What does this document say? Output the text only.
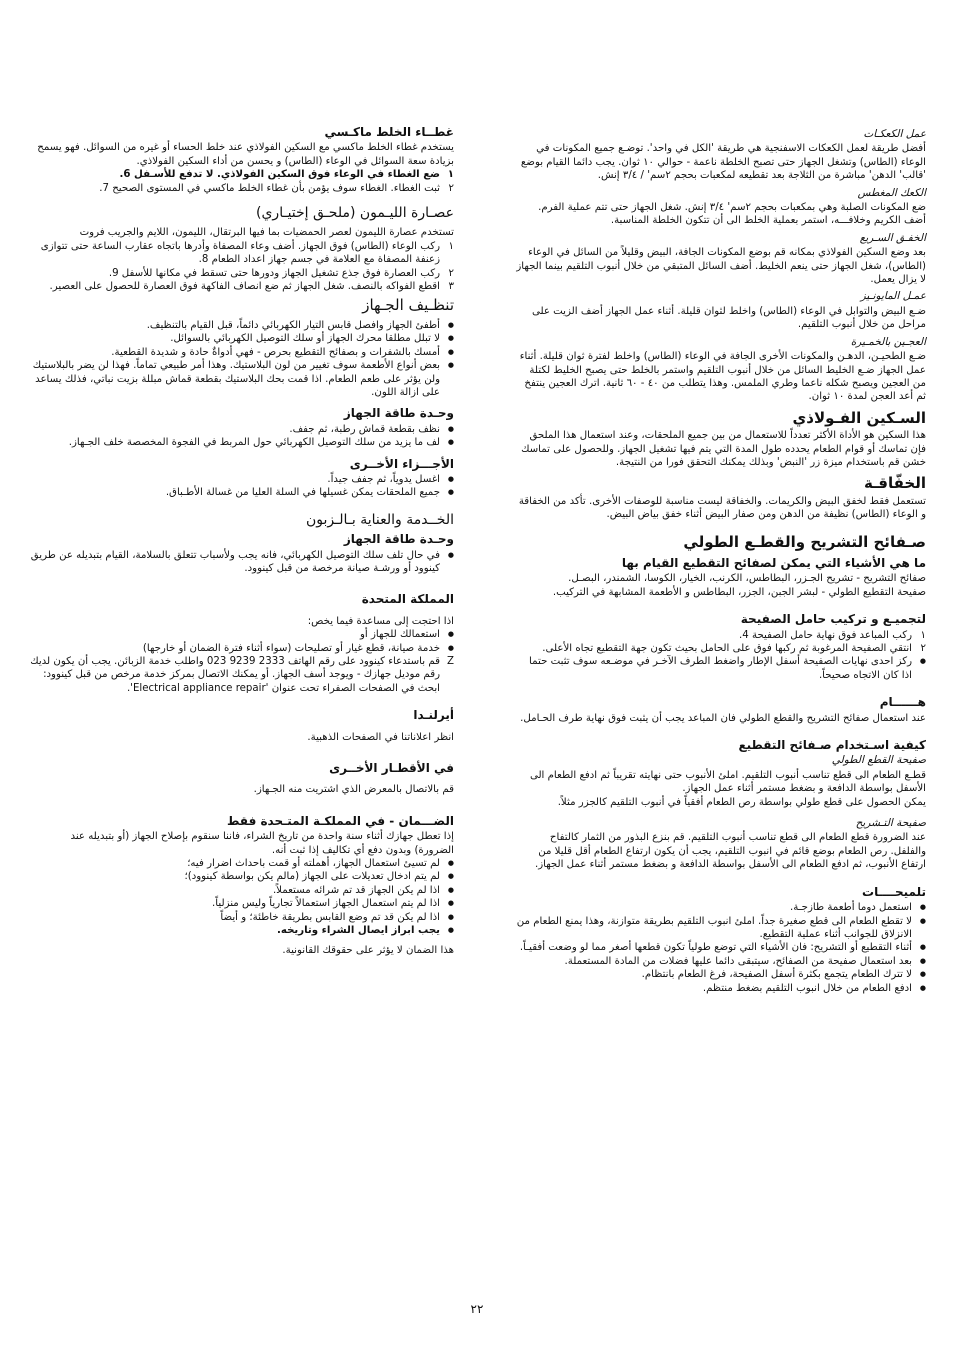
عمل الكعكـات

أفضل طريقة لعمل الكعكات الاسفنجية هي طريقة 'الكل في واحد'. توضـع جميع المكونات في الوعاء (الطاس) وتشغل الجهاز حتى تصبح الخلطة ناعمة - حوالي ١٠ ثوان. يجب دائما القيام بوضع 'قالب' الدهن' مباشرة من الثلاجة بعد تقطيعه لمكعبات بحجم ٢سم' / ٣/٤ إنش.

الكعك المغطس

ضع المكونات الصلبة وهي بمكعبات بحجم ٢سم' ٣/٤ إنش. شغل الجهاز حتى تتم عملية الفرم. أضف الكريم وخلافـــه، استمر بعملية الخلط الى أن تتكون الخلطة المناسبة.

الخفـق السـريع

بعد وضع السكين الفولاذي بمكانه قم بوضع المكونات الجافة، البيض وقليلاً من السائل في الوعاء (الطاس)، شغل الجهاز حتى ينعم الخليط. أضف السائل المتبقي من خلال أنبوب التلقيم بينما الجهاز لا يزال يعمل.

عمـل المايونـيز

ضـع البيض والتوابل في الوعاء (الطاس) واخلط لثوان قليلة. أثناء عمل الجهاز أضف الزيت على مراحل من خلال أنبوب التلقيم.

العجـين بالخمـيرة

ضـع الطحيـن، الدهـن والمكونات الأخرى الجافة في الوعاء (الطاس) واخلط لفترة ثوان قليلة. أثناء عمل الجهاز ضـع الخليط السائل من خلال أنبوب التلقيم واستمر بالخلط حتى يصبح الخليط لكتلة من العجين ويصبح شكله ناعما وطري الملمس. وهذا يتطلب من ٤٠ - ٦٠ ثانية. اترك العجين ينتفخ ثم أعد العجن لمدة ١٠ ثوان.

السـكين الفـولاذي

هذا السكين هو الأداة الأكثر تعدداً للاستعمال من بين جميع الملحقات، وعند استعمال هذا الملحق فإن تماسك أو قوام الطعام يحدده طول المدة التي يتم فيها تشغيل الجهاز. وللحصول على تماسك خشن قم باستخدام ميزة زر 'النبض' وبذلك يمكنك التحقق فورا من النتيجة.

الخفّاقـة

تستعمل فقط لخفق البيض والكريمات. والخفاقة ليست مناسبة للوصفات الأخرى. تأكد من الخفاقة و الوعاء (الطاس) نظيفة من الدهن ومن صفار البيض أثناء خفق بياض البيض.

صـفائح التشريح والقطـع الطولي
ما هي الأشياء التي يمكن لصفائح التقطيع القيام بها

صفائح التشريح - تشريح الجـزر، البطاطس، الكرنب، الخيار، الكوسا، الشمندر، البصـل.

صفيحة التقطيع الطولي - لبشر الجبن، الجزر، البطاطس و الأطعمة المشابهة في التركيب.

لتجميـع و تركيب حامل الصفيحة
١
ركب المباعد فوق نهاية حامل الصفيحة 4.
٢
انتقي الصفيحة المرغوبة ثم ركبها فوق على الحامل بحيث تكون جهة التقطيع تجاه الأعلى.
● ركز احدى نهايات الصفيحة أسفل الإطار واضغط الطرف الآخـر في موضـعه سوف تثبت حتما اذا كان الاتجاه صحيحاً.
هــــــام

عند استعمال صفائح التشريح والقطع الطولي فان المباعد يجب أن يثبت فوق نهاية طرف الحـامل.

كيفية اسـتخدام صـفائح التقطيع
صفيحة القطع الطولي

قطـع الطعام الى قطع تناسب أنبوب التلقيم. املئ الأنبوب حتى نهايته تقريباً ثم ادفع الطعام الى الأسفل بواسطة الدافعة و بضغط مستمر أثناء عمل الجهاز.

يمكن الحصول على قطع طولي بواسطة رص الطعام أفقياً في أنبوب التلقيم كالجزر مثلاً.

صفيحة التـشريح

عند الضرورة قطع الطعام الى قطع تناسب أنبوب التلقيم. قم بنزع البذور من الثمار كالتفاح والفلفل. رص الطعام بوضع قائم في انبوب التلقيم، يجب أن يكون ارتفاع الطعام أقل قليلا من ارتفاع الأنبوب، ثم ادفع الطعام الى الأسفل بواسطة الدافعة و بضغط مستمر أثناء عمل الجهاز.

تلميحــــات
● استعمل دوما أطعمة طازجـة.
● لا تقطع الطعام الى قطع صغيرة جداً. املئ انبوب التلقيم بطريقة متوازنة، وهذا يمنع الطعام من الانزلاق للجوانب أثناء عملية التقطيع.
● أثناء التقطيع أو التشريح: فان الأشياء التي توضع طولياً تكون قطعها أصغر مما لو وضعت أفقيـاً.
● بعد استعمال صفيحة من الصفائح، سيتبقى دائما عليها فضلات من المادة المستعملة.
● لا تترك الطعام يتجمع بكثرة أسفل الصفيحة، فرغ الطعام بانتظام.
● ادفع الطعام من خلال انبوب التلقيم بضغط منتظم.
غطــاء الخلط ماكـسي

يستخدم غطاء الخلط ماكسي مع السكين الفولاذي عند خلط الحساء أو غيره من السوائل. فهو يسمح بزيادة سعة السوائل في الوعاء (الطاس) و يحسن من أداء السكين الفولاذي.

١
ضع الغطاء في الوعاء فوق السكين الفولاذي. لا تدفع للأسـفل 6.
٢
ثبت الغطاء. الغطاء سوف يؤمن بأن غطاء الخلط ماكسي في المستوى الصحيح 7.
عصـارة الليـمون (ملحـق إختيـاري)

تستخدم عصارة الليمون لعصر الحمضيات بما فيها البرتقال، الليمون، اللايم والجريب فروت

١
ركب الوعاء (الطاس) فوق الجهاز. أضف وعاء المصفاة وأدرها باتجاه عقارب الساعة حتى تتوازى زعنفة المصفاة مع العلامة في جسم جهاز اعداد الطعام 8.
٢
ركب العصارة فوق جذع تشغيل الجهاز ودورها حتى تسقط في مكانها للأسفل 9.
٣
اقطع الفواكه بالنصف. شغل الجهاز ثم ضع انصاف الفاكهة فوق العصارة للحصول على العصير.
تنظـيف الجـهاز
● أطفئ الجهاز وافصل قابس التيار الكهربائي دائماً، قبل القيام بالتنظيف.
● لا تبلل مطلقا محرك الجهاز أو سلك التوصيل الكهربائي بالسوائل.
● أمسك بالشفرات و بصفائح التقطيع بحرص - فهي أدواةٌ حادة و شديدة القطعية.
● بعض أنواع الأطعمة سوف تغيير من لون البلاستيك. وهذا أمر طبيعي تماماً. فهذا لن يضر بالبلاستيك ولن يؤثر على طعم الطعام. اذا قمت بحك البلاستيك بقطعة قماش مبللة بزيت نباتي، فذلك يساعد على ازالة اللون.
وحـدة طاقة الجهاز
● نظف بقطعة قماش رطبة، ثم جفف.
● لف ما يزيد من سلك التوصيل الكهربائي حول المربط في الفجوة المخصصة خلف الجـهاز.
الأجـــزاء الأخــرى
● اغسل يدوياً، ثم جفف جيداً.
● جميع الملحقات يمكن غسيلها في السلة العليا من غسالة الأطـباق.
الخــدمة والعناية بـالـزبون
وحـدة طاقة الجهاز
● في حال تلف سلك التوصيل الكهربائي، فانه يجب ولأسباب تتعلق بالسلامة، القيام بتبديله عن طريق كينوود أو ورشـة صيانة مرخصة من قبل كينوود.
المملكة المتحدة

اذا احتجت إلى مساعدة فيما يخص:

● استعمالك للجهاز أو
● خدمة صيانة، قطع غيار أو تصليحات (سواء أثناء فترة الضمان أو خارجها)
Z
قم باستدعاء كينوود على رقم الهاتف 2333 9239 023 واطلب خدمة الزبائن. يجب أن يكون لديك رقم موديل جهازك - ويوجد أسف الجهاز. أو يمكنك الاتصال بمركز خدمة مرخص من قبل كينوود: ابحث في الصفحات الصفراء تحت عنوان 'Electrical appliance repair'.
أيرلنـدا

انظر اعلاناتنا في الصفحات الذهبية.

في الأقطـار الأخــرى

قم بالاتصال بالمعرض الذي اشتريت منه الجـهاز.

الضـــمان - في المملكـة المتـحدة فقط

إذا تعطل جهازك أثناء سنة واحدة من تاريخ الشراء، فاننا سنقوم بإصلاح الجهاز (أو بتبديله عند الضرورة) وبدون دفع أي تكاليف إذا ثبت أنه.

● لم تسيئ استعمال الجهاز، أهملته أو قمت باحداث اضرار فيه؛
● لم يتم ادخال تعديلات على الجهاز (مالم يكن بواسطة كينوود)؛
● اذا لم يكن الجهاز قد تم شرائه مستعملاً.
● اذا لم يتم استعمال الجهاز استعمالاً تجارياً وليس منزلياً.
● اذا لم يكن قد تم وضع القابس بطريقة خاطئة؛ و أيضاً
● يجب ابراز ايصال الشراء وتاريخه.

هذا الضمان لا يؤثر على حقوقك القانونية.

٢٢
